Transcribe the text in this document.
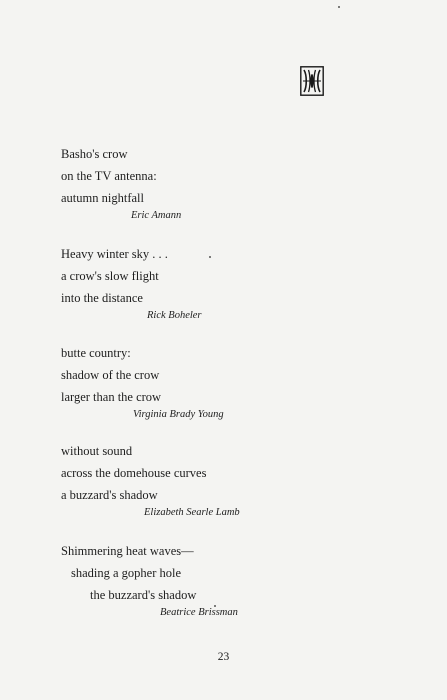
Basho's crow
on the TV antenna:
autumn nightfall
Eric Amann
Heavy winter sky . . .
a crow's slow flight
into the distance
Rick Boheler
butte country:
shadow of the crow
larger than the crow
Virginia Brady Young
without sound
across the domehouse curves
a buzzard's shadow
Elizabeth Searle Lamb
Shimmering heat waves—
shading a gopher hole
the buzzard's shadow
Beatrice Brissman
23
